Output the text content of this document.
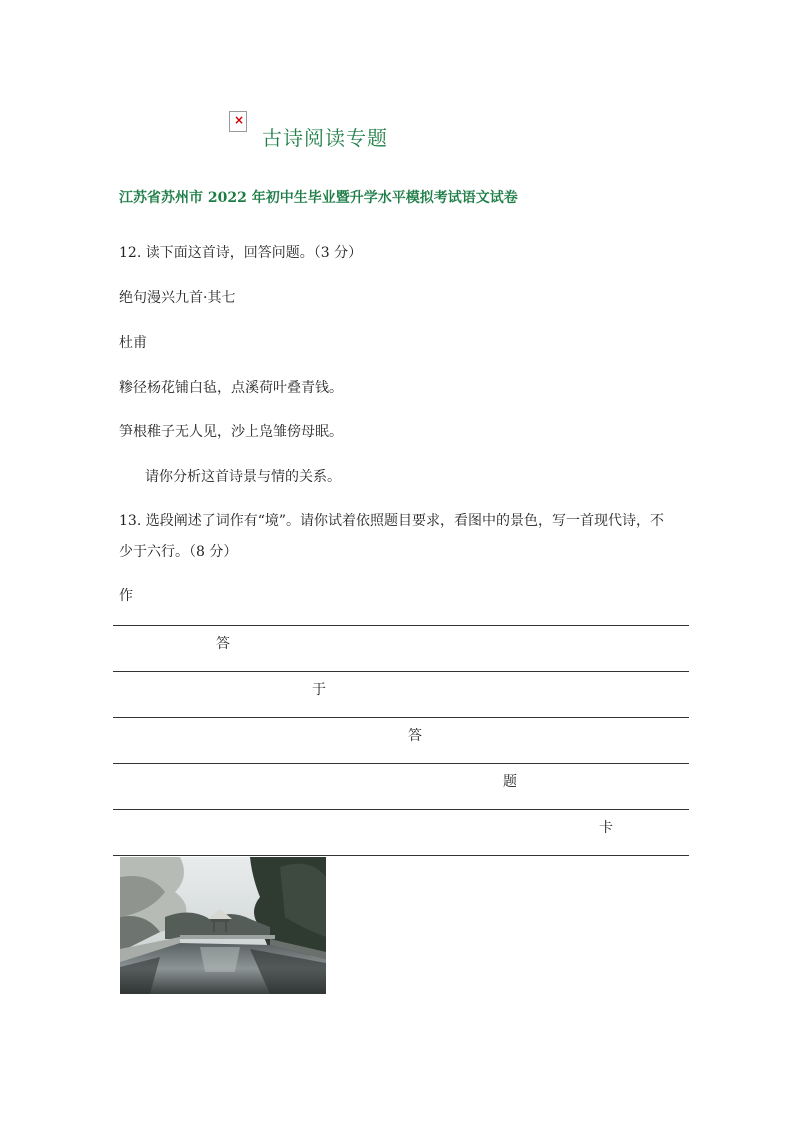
×
古诗阅读专题
江苏省苏州市 2022 年初中生毕业暨升学水平模拟考试语文试卷
12. 读下面这首诗，回答问题。（3 分）
绝句漫兴九首·其七
杜甫
糁径杨花铺白毡，点溪荷叶叠青钱。
笋根稚子无人见，沙上凫雏傍母眠。
请你分析这首诗景与情的关系。
13. 选段阐述了词作有“境”。请你试着依照题目要求，看图中的景色，写一首现代诗，不
少于六行。（8 分）
作
答
于
答
题
卡
